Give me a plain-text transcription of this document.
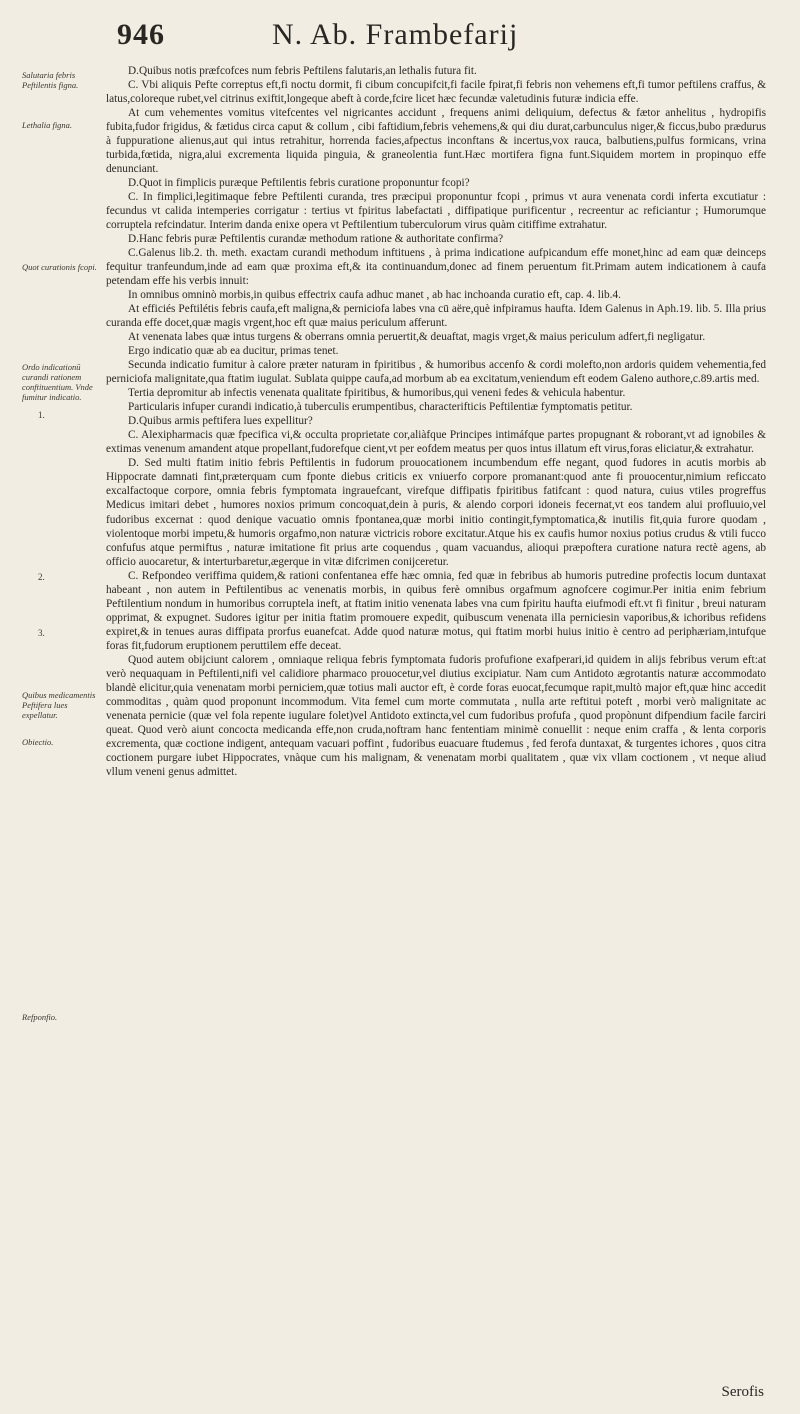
946	N. Ab. Frambefarij
Salutaria febris Peftilentis figna.
Lethalia figna.
Quot curationis fcopi.
Ordo indicationū curandi rationem conftituentium. Vnde fumitur indicatio.
1.
2.
3.
Quibus medicamentis Peftifera lues expellatur.
Obiectio.
Refponfio.

D.Quibus notis præfcofces num febris Peftilens falutaris,an lethalis futura fit.

C. Vbi aliquis Pefte correptus eft,fi noctu dormit, fi cibum concupifcit,fi facile fpirat,fi febris non vehemens eft,fi tumor peftilens craffus, & latus,coloreque rubet,vel citrinus exiftit,longeque abeft à corde,fcire licet hæc fecundæ valetudinis futuræ indicia effe.

At cum vehementes vomitus vitefcentes vel nigricantes accidunt , frequens animi deliquium, defectus & fætor anhelitus , hydropifis fubita,fudor frigidus, & fætidus circa caput & collum , cibi faftidium,febris vehemens,& qui diu durat,carbunculus niger,& ficcus,bubo prædurus à fuppuratione alienus,aut qui intus retrahitur, horrenda facies,afpectus inconftans & incertus,vox rauca, balbutiens,pulfus formicans, vrina turbida,fœtida, nigra,alui excrementa liquida pinguia, & graneolentia funt.Hæc mortifera figna funt.Siquidem mortem in propinquo effe denunciant.

D.Quot in fimplicis puræque Peftilentis febris curatione proponuntur fcopi?

C. In fimplici,legitimaque febre Peftilenti curanda, tres præcipui proponuntur fcopi , primus vt aura venenata cordi inferta excutiatur : fecundus vt calida intemperies corrigatur : tertius vt fpiritus labefactati , diffipatique purificentur , recreentur ac reficiantur ; Humorumque corruptela refcindatur. Interim danda enixe opera vt Peftilentium tuberculorum virus quàm citiffime extrahatur.

D.Hanc febris puræ Peftilentis curandæ methodum ratione & authoritate confirma?

C.Galenus lib.2. th. meth. exactam curandi methodum inftituens , à prima indicatione aufpicandum effe monet,hinc ad eam quæ deinceps fequitur tranfeundum,inde ad eam quæ proxima eft,& ita continuandum,donec ad finem peruentum fit.Primam autem indicationem à caufa petendam effe his verbis innuit:

In omnibus omninò morbis,in quibus effectrix caufa adhuc manet , ab hac inchoanda curatio eft, cap. 4. lib.4.

At efficiés Peftilétis febris caufa,eft maligna,& perniciofa labes vna cū aëre,què infpiramus haufta. Idem Galenus in Aph.19. lib. 5. Illa prius curanda effe docet,quæ magis vrgent,hoc eft quæ maius periculum afferunt.

At venenata labes quæ intus turgens & oberrans omnia peruertit,& deuaftat, magis vrget,& maius periculum adfert,fi negligatur.

Ergo indicatio quæ ab ea ducitur, primas tenet.

Secunda indicatio fumitur à calore præter naturam in fpiritibus , & humoribus accenfo & cordi molefto,non ardoris quidem vehementia,fed perniciofa malignitate,qua ftatim iugulat. Sublata quippe caufa,ad morbum ab ea excitatum,veniendum eft eodem Galeno authore,c.89.artis med.

Tertia depromitur ab infectis venenata qualitate fpiritibus, & humoribus,qui veneni fedes & vehicula habentur.

Particularis infuper curandi indicatio,à tuberculis erumpentibus, characterifticis Peftilentiæ fymptomatis petitur.

D.Quibus armis peftifera lues expellitur?

C. Alexipharmacis quæ fpecifica vi,& occulta proprietate cor,aliàfque Principes intimáfque partes propugnant & roborant,vt ad ignobiles & extimas venenum amandent atque propellant,fudorefque cient,vt per eofdem meatus per quos intus illatum eft virus,foras eliciatur,& extrahatur.

D. Sed multi ftatim initio febris Peftilentis in fudorum prouocationem incumbendum effe negant, quod fudores in acutis morbis ab Hippocrate damnati fint,præterquam cum fponte diebus criticis ex vniuerfo corpore promanant:quod ante fi prouocentur,nimium reficcato excalfactoque corpore, omnia febris fymptomata ingrauefcant, virefque diffipatis fpiritibus fatifcant : quod natura, cuius vtiles progreffus Medicus imitari debet , humores noxios primum concoquat,dein à puris, & alendo corpori idoneis fecernat,vt eos tandem alui profluuio,vel fudoribus excernat : quod denique vacuatio omnis fpontanea,quæ morbi initio contingit,fymptomatica,& inutilis fit,quia furore quodam , violentoque morbi impetu,& humoris orgafmo,non naturæ victricis robore excitatur.Atque his ex caufis humor noxius potius crudus & vtili fucco confufus atque permiftus , naturæ imitatione fit prius arte coquendus , quam vacuandus, alioqui præpoftera curatione natura rectè agens, ab officio auocaretur, & interturbaretur,ægerque in vitæ difcrimen conijceretur.

C. Refpondeo veriffima quidem,& rationi confentanea effe hæc omnia, fed quæ in febribus ab humoris putredine profectis locum duntaxat habeant , non autem in Peftilentibus ac venenatis morbis, in quibus ferè omnibus orgafmum agnofcere cogimur.Per initia enim febrium Peftilentium nondum in humoribus corruptela ineft, at ftatim initio venenata labes vna cum fpiritu haufta eiufmodi eft.vt fi finitur , breui naturam opprimat, & expugnet. Sudores igitur per initia ftatim promouere expedit, quibuscum venenata illa perniciesin vaporibus,& ichoribus refidens expiret,& in tenues auras diffipata prorfus euanefcat. Adde quod naturæ motus, qui ftatim morbi huius initio è centro ad periphæriam,intufque foras fit,fudorum eruptionem peruttilem effe deceat.

Quod autem obijciunt calorem , omniaque reliqua febris fymptomata fudoris profufione exafperari,id quidem in alijs febribus verum eft:at verò nequaquam in Peftilenti,nifi vel calidiore pharmaco prouocetur,vel diutius excipiatur. Nam cum Antidoto ægrotantis naturæ accommodato blandè elicitur,quia venenatam morbi perniciem,quæ totius mali auctor eft, è corde foras euocat,fecumque rapit,multò major eft,quæ hinc accedit commoditas , quàm quod proponunt incommodum. Vita femel cum morte commutata , nulla arte reftitui poteft , morbi verò malignitate ac venenata pernicie (quæ vel fola repente iugulare folet)vel Antidoto extincta,vel cum fudoribus profufa , quod propònunt difpendium facile farciri queat. Quod verò aiunt concocta medicanda effe,non cruda,noftram hanc fententiam minimè conuellit : neque enim craffa , & lenta corporis excrementa, quæ coctione indigent, antequam vacuari poffint , fudoribus euacuare ftudemus , fed ferofa duntaxat, & turgentes ichores , quos citra coctionem purgare iubet Hippocrates, vnàque cum his malignam, & venenatam morbi qualitatem , quæ vix vllam coctionem , vt neque aliud vllum veneni genus admittet.

Serofis
